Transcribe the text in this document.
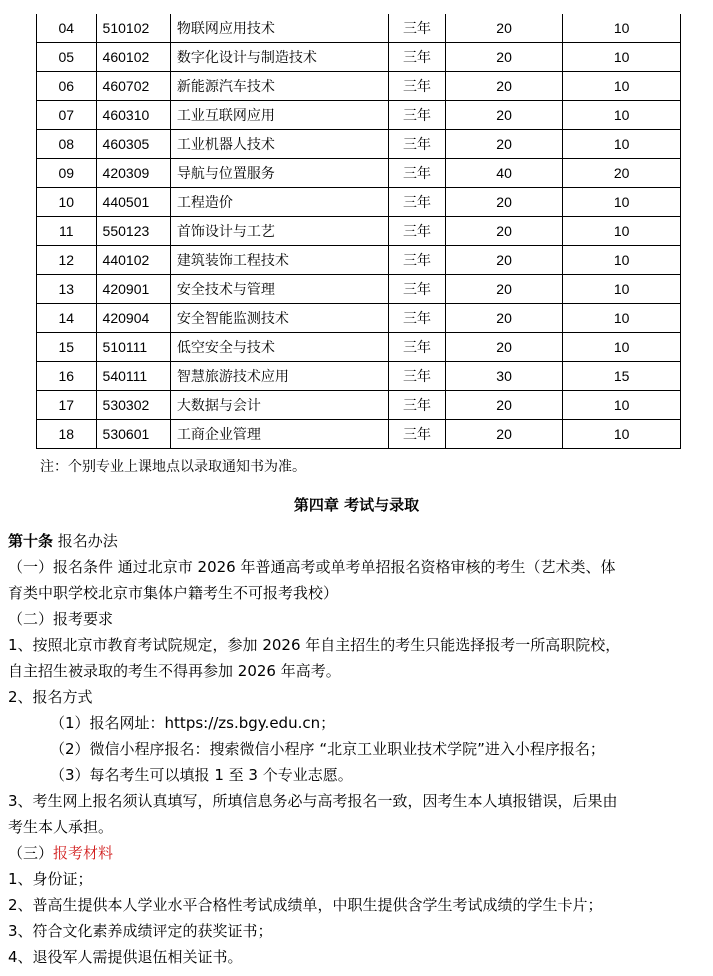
04	510102	物联网应用技术	三年	20	10
05	460102	数字化设计与制造技术	三年	20	10
06	460702	新能源汽车技术	三年	20	10
07	460310	工业互联网应用	三年	20	10
08	460305	工业机器人技术	三年	20	10
09	420309	导航与位置服务	三年	40	20
10	440501	工程造价	三年	20	10
11	550123	首饰设计与工艺	三年	20	10
12	440102	建筑装饰工程技术	三年	20	10
13	420901	安全技术与管理	三年	20	10
14	420904	安全智能监测技术	三年	20	10
15	510111	低空安全与技术	三年	20	10
16	540111	智慧旅游技术应用	三年	30	15
17	530302	大数据与会计	三年	20	10
18	530601	工商企业管理	三年	20	10
注：个别专业上课地点以录取通知书为准。
第四章 考试与录取
第十条 报名办法
（一）报名条件 通过北京市 2026 年普通高考或单考单招报名资格审核的考生（艺术类、体
育类中职学校北京市集体户籍考生不可报考我校）
（二）报考要求
1、按照北京市教育考试院规定，参加 2026 年自主招生的考生只能选择报考一所高职院校，
自主招生被录取的考生不得再参加 2026 年高考。
2、报名方式
（1）报名网址：https://zs.bgy.edu.cn；
（2）微信小程序报名：搜索微信小程序 “北京工业职业技术学院”进入小程序报名；
（3）每名考生可以填报 1 至 3 个专业志愿。
3、考生网上报名须认真填写，所填信息务必与高考报名一致，因考生本人填报错误，后果由
考生本人承担。
（三）报考材料
1、身份证；
2、普高生提供本人学业水平合格性考试成绩单，中职生提供含学生考试成绩的学生卡片；
3、符合文化素养成绩评定的获奖证书；
4、退役军人需提供退伍相关证书。
